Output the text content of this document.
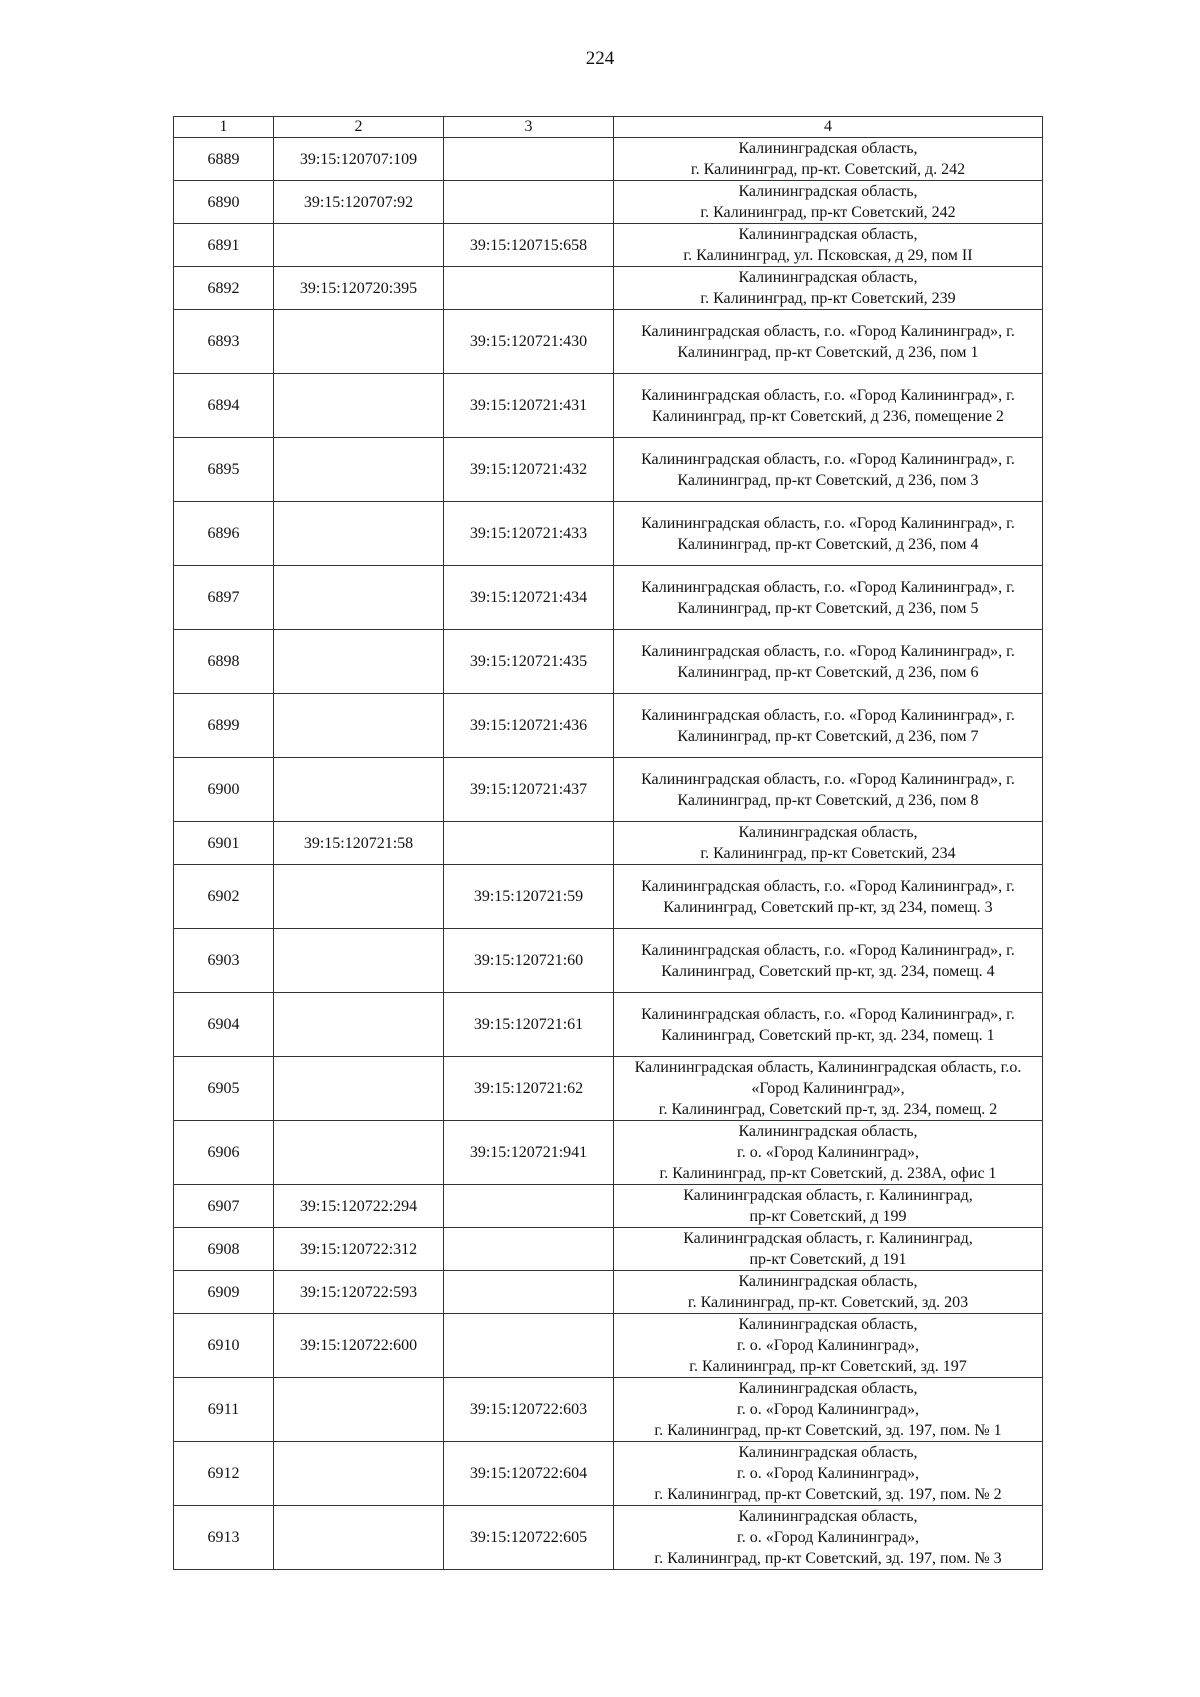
224
1	2	3	4
6889	39:15:120707:109		Калининградская область,
г. Калининград, пр-кт. Советский, д. 242
6890	39:15:120707:92		Калининградская область,
г. Калининград, пр-кт Советский, 242
6891		39:15:120715:658	Калининградская область,
г. Калининград, ул. Псковская, д 29, пом II
6892	39:15:120720:395		Калининградская область,
г. Калининград, пр-кт Советский, 239
6893		39:15:120721:430	Калининградская область, г.о. «Город Калининград», г.
Калининград, пр-кт Советский, д 236, пом 1
6894		39:15:120721:431	Калининградская область, г.о. «Город Калининград», г.
Калининград, пр-кт Советский, д 236, помещение 2
6895		39:15:120721:432	Калининградская область, г.о. «Город Калининград», г.
Калининград, пр-кт Советский, д 236, пом 3
6896		39:15:120721:433	Калининградская область, г.о. «Город Калининград», г.
Калининград, пр-кт Советский, д 236, пом 4
6897		39:15:120721:434	Калининградская область, г.о. «Город Калининград», г.
Калининград, пр-кт Советский, д 236, пом 5
6898		39:15:120721:435	Калининградская область, г.о. «Город Калининград», г.
Калининград, пр-кт Советский, д 236, пом 6
6899		39:15:120721:436	Калининградская область, г.о. «Город Калининград», г.
Калининград, пр-кт Советский, д 236, пом 7
6900		39:15:120721:437	Калининградская область, г.о. «Город Калининград», г.
Калининград, пр-кт Советский, д 236, пом 8
6901	39:15:120721:58		Калининградская область,
г. Калининград, пр-кт Советский, 234
6902		39:15:120721:59	Калининградская область, г.о. «Город Калининград», г.
Калининград, Советский пр-кт, зд 234, помещ. 3
6903		39:15:120721:60	Калининградская область, г.о. «Город Калининград», г.
Калининград, Советский пр-кт, зд. 234, помещ. 4
6904		39:15:120721:61	Калининградская область, г.о. «Город Калининград», г.
Калининград, Советский пр-кт, зд. 234, помещ. 1
6905		39:15:120721:62	Калининградская область, Калининградская область, г.о.
«Город Калининград»,
г. Калининград, Советский пр-т, зд. 234, помещ. 2
6906		39:15:120721:941	Калининградская область,
г. о. «Город Калининград»,
г. Калининград, пр-кт Советский, д. 238А, офис 1
6907	39:15:120722:294		Калининградская область, г. Калининград,
пр-кт Советский, д 199
6908	39:15:120722:312		Калининградская область, г. Калининград,
пр-кт Советский, д 191
6909	39:15:120722:593		Калининградская область,
г. Калининград, пр-кт. Советский, зд. 203
6910	39:15:120722:600		Калининградская область,
г. о. «Город Калининград»,
г. Калининград, пр-кт Советский, зд. 197
6911		39:15:120722:603	Калининградская область,
г. о. «Город Калининград»,
г. Калининград, пр-кт Советский, зд. 197, пом. № 1
6912		39:15:120722:604	Калининградская область,
г. о. «Город Калининград»,
г. Калининград, пр-кт Советский, зд. 197, пом. № 2
6913		39:15:120722:605	Калининградская область,
г. о. «Город Калининград»,
г. Калининград, пр-кт Советский, зд. 197, пом. № 3
